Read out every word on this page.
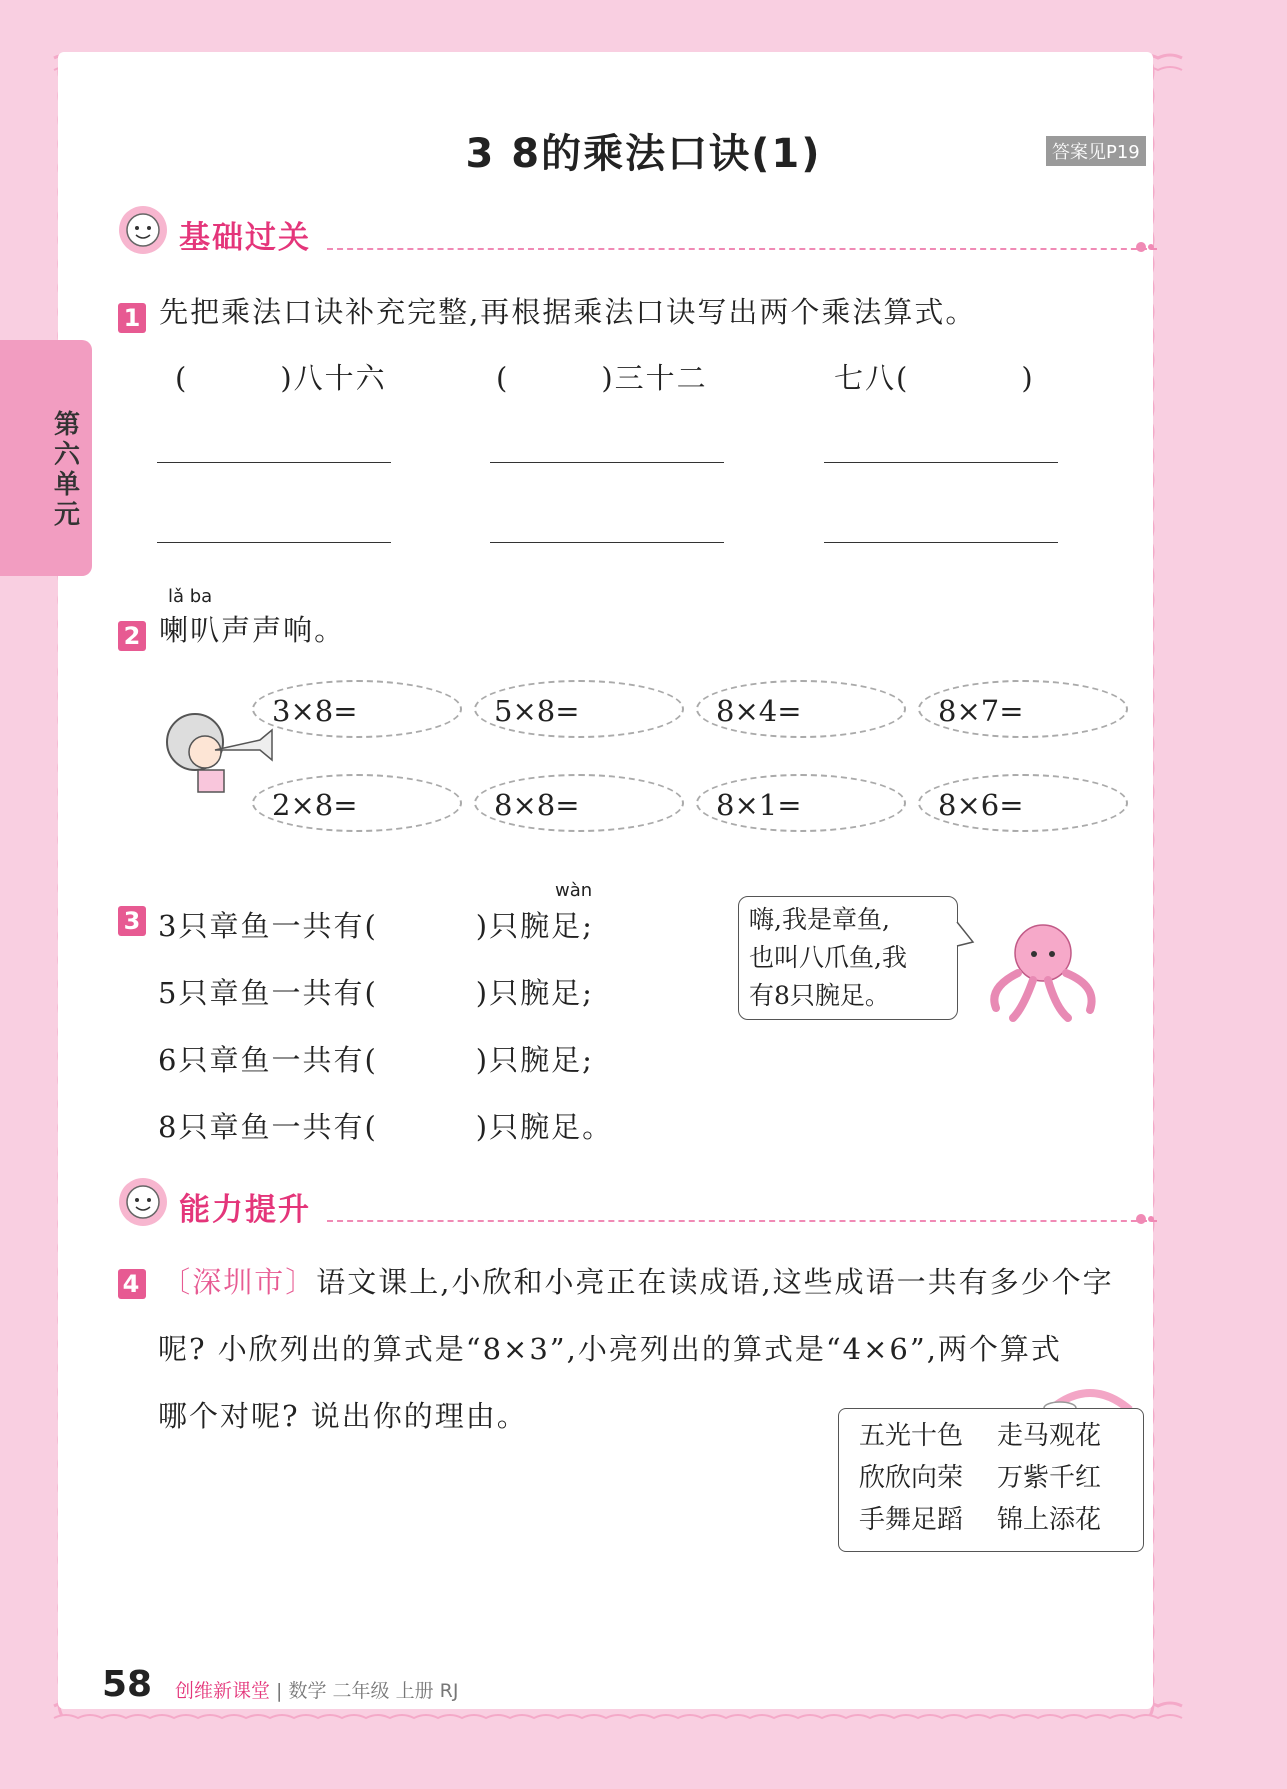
3 8的乘法口诀(1)	答案见P19
第六单元
基础过关
1 先把乘法口诀补充完整,再根据乘法口诀写出两个乘法算式。
(	)八十六	(	)三十二	七八(	)
lǎ ba
2 喇叭声声响。
3×8=	5×8=	8×4=	8×7=
2×8=	8×8=	8×1=	8×6=
wàn
3 3只章鱼一共有(	)只腕足;
5只章鱼一共有(	)只腕足;
6只章鱼一共有(	)只腕足;
8只章鱼一共有(	)只腕足。
嗨,我是章鱼,
也叫八爪鱼,我
有8只腕足。
能力提升
4 〔深圳市〕语文课上,小欣和小亮正在读成语,这些成语一共有多少个字
呢? 小欣列出的算式是“8×3”,小亮列出的算式是“4×6”,两个算式
哪个对呢? 说出你的理由。
五光十色 走马观花
欣欣向荣 万紫千红
手舞足蹈 锦上添花
58 创维新课堂 | 数学 二年级 上册 RJ
